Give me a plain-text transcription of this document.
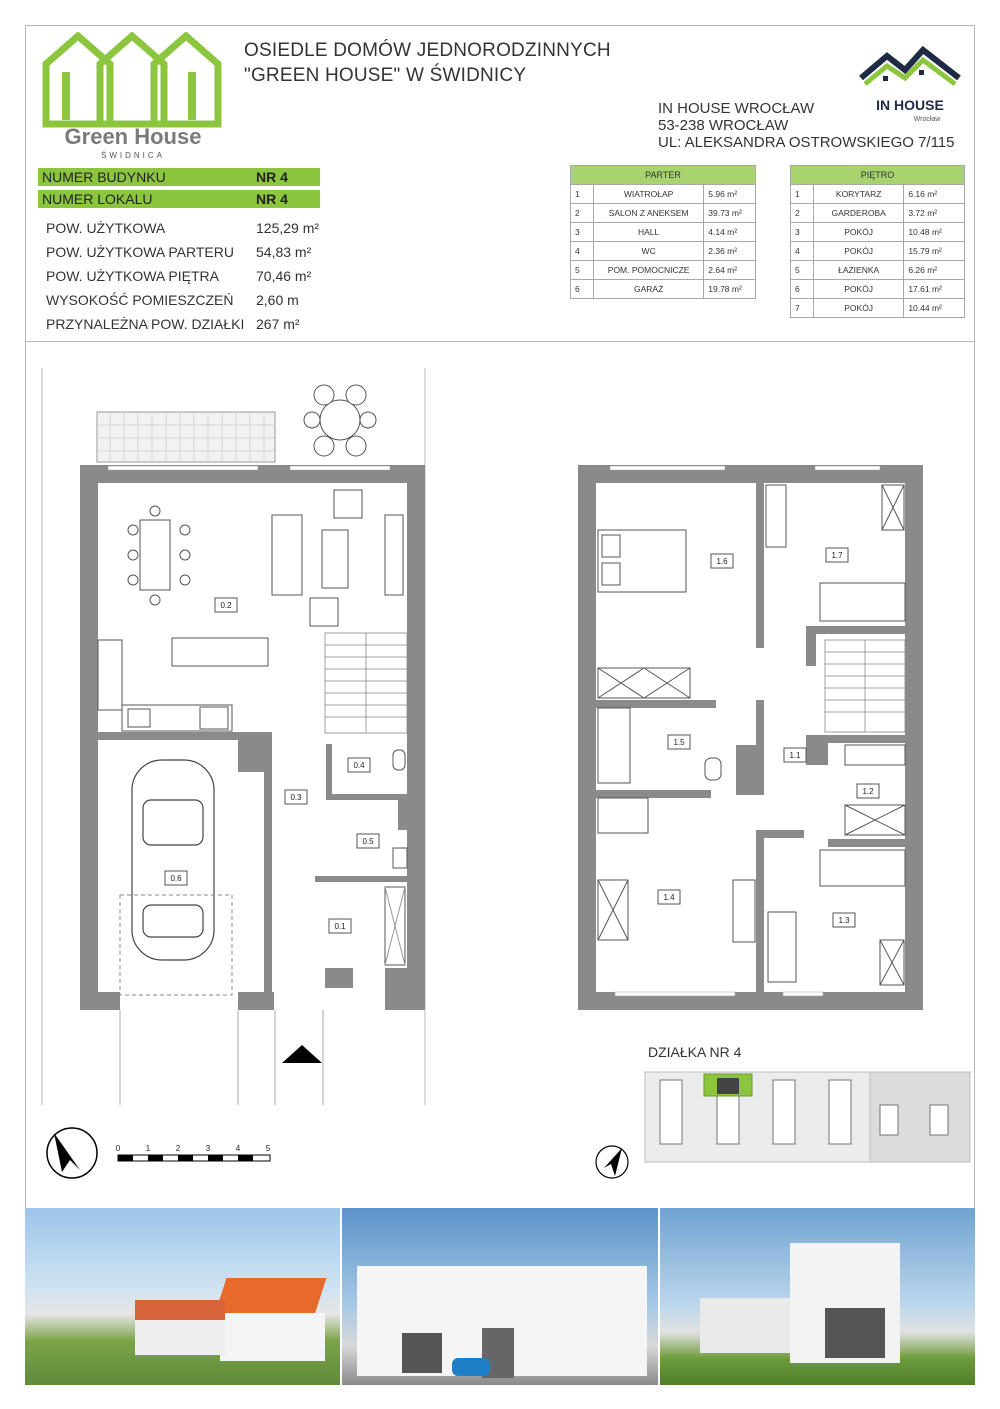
Green House
ŚWIDNICA
OSIEDLE DOMÓW JEDNORODZINNYCH
"GREEN HOUSE" W ŚWIDNICY
IN HOUSE WROCŁAW
53-238 WROCŁAW
UL: ALEKSANDRA OSTROWSKIEGO 7/115
IN HOUSE
Wrocław
NUMER BUDYNKU	NR 4
NUMER LOKALU	NR 4
POW. UŻYTKOWA	125,29 m²
POW. UŻYTKOWA PARTERU 54,83 m²
POW. UŻYTKOWA PIĘTRA	70,46 m²
WYSOKOŚĆ POMIESZCZEŃ 2,60 m
PRZYNALEŻNA POW. DZIAŁKI 267 m²
PARTER		
1	WIATROŁAP	5.96 m²
2	SALON Z ANEKSEM	39.73 m²
3	HALL	4.14 m²
4	WC	2.36 m²
5	POM. POMOCNICZE	2.64 m²
6	GARAŻ	19.78 m²
PIĘTRO		
1	KORYTARZ	6.16 m²
2	GARDEROBA	3.72 m²
3	POKÓJ	10.48 m²
4	POKÓJ	15.79 m²
5	ŁAZIENKA	6.26 m²
6	POKÓJ	17.61 m²
7	POKÓJ	10.44 m²
0.2
0.4
0.3
0.5
0.6
0.1
1.6
1.7
1.5
1.1
1.2
1.4
1.3
0	1	2	3	4	5
DZIAŁKA NR 4
